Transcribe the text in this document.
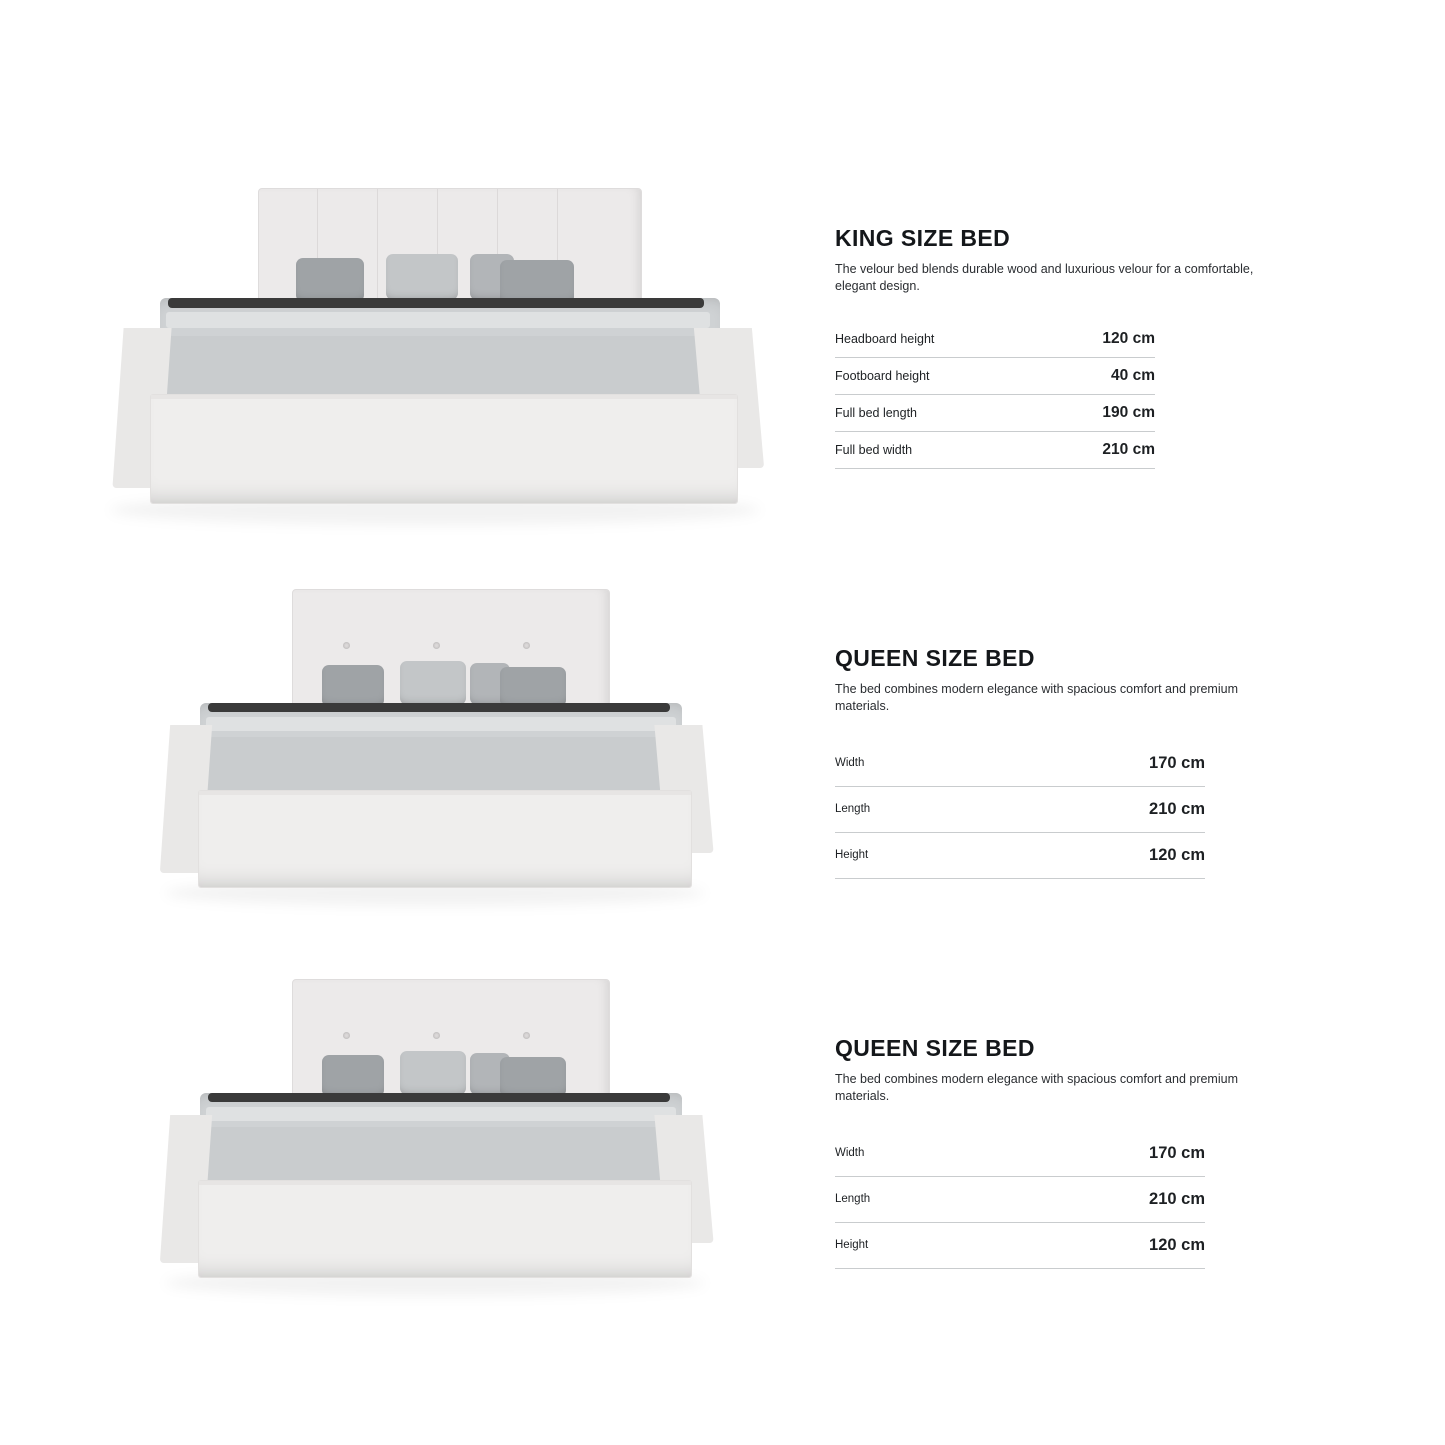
KING SIZE BED

The velour bed blends durable wood and luxurious velour for a comfortable, elegant design.

Headboard height	120 cm
Footboard height	40 cm
Full bed length	190 cm
Full bed width	210 cm
QUEEN SIZE BED

The bed combines modern elegance with spacious comfort and premium materials.

Width	170 cm
Length	210 cm
Height	120 cm
QUEEN SIZE BED

The bed combines modern elegance with spacious comfort and premium materials.

Width	170 cm
Length	210 cm
Height	120 cm
